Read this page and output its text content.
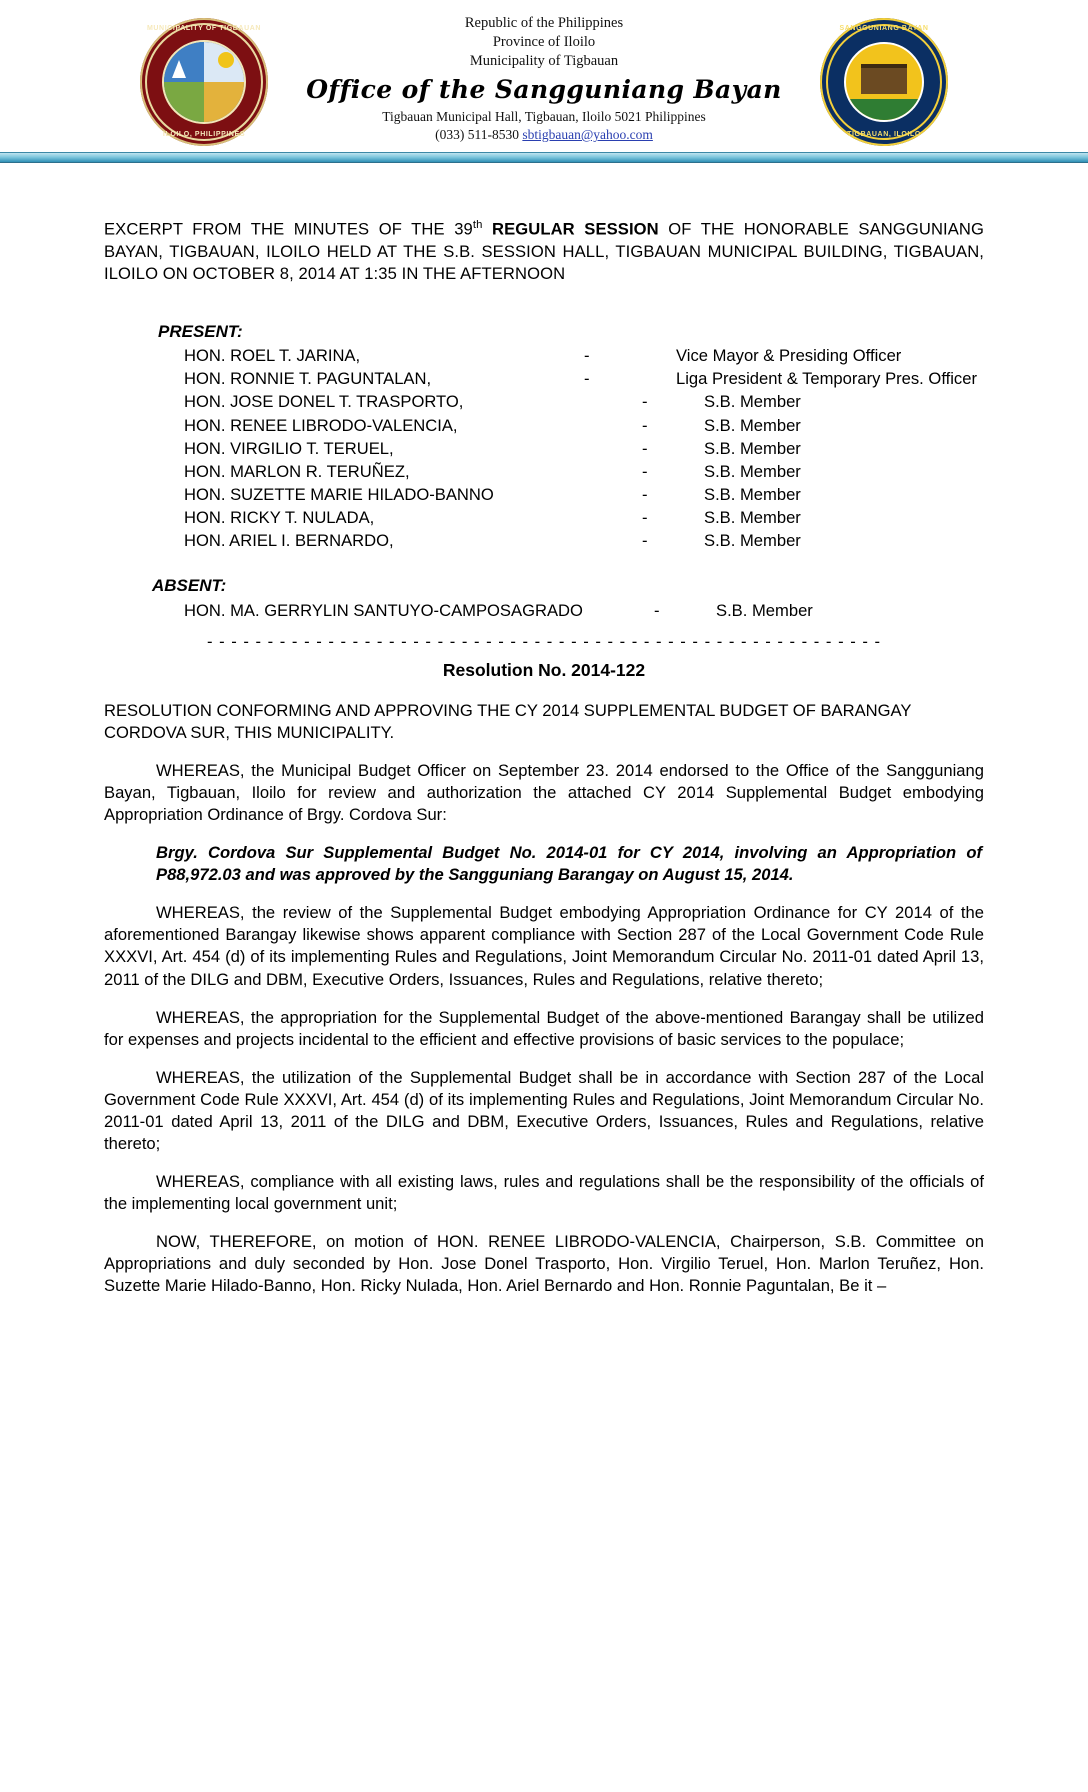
MUNICIPALITY OF TIGBAUAN
ILOILO, PHILIPPINES
SANGGUNIANG BAYAN
TIGBAUAN, ILOILO
Republic of the Philippines
Province of Iloilo
Municipality of Tigbauan
Office of the Sangguniang Bayan
Tigbauan Municipal Hall, Tigbauan, Iloilo 5021 Philippines
(033) 511-8530 sbtigbauan@yahoo.com
EXCERPT FROM THE MINUTES OF THE 39th REGULAR SESSION OF THE HONORABLE SANGGUNIANG BAYAN, TIGBAUAN, ILOILO HELD AT THE S.B. SESSION HALL, TIGBAUAN MUNICIPAL BUILDING, TIGBAUAN, ILOILO ON OCTOBER 8, 2014 AT 1:35 IN THE AFTERNOON
PRESENT:
HON. ROEL T. JARINA,	-	Vice Mayor & Presiding Officer
HON. RONNIE T. PAGUNTALAN,	-	Liga President & Temporary Pres. Officer
HON. JOSE DONEL T. TRASPORTO,	-	S.B. Member
HON. RENEE LIBRODO-VALENCIA,	-	S.B. Member
HON. VIRGILIO T. TERUEL,	-	S.B. Member
HON. MARLON R. TERUÑEZ,	-	S.B. Member
HON. SUZETTE MARIE HILADO-BANNO	-	S.B. Member
HON. RICKY T. NULADA,	-	S.B. Member
HON. ARIEL I. BERNARDO,	-	S.B. Member
ABSENT:
HON. MA. GERRYLIN SANTUYO-CAMPOSAGRADO	-	S.B. Member
- - - - - - - - - - - - - - - - - - - - - - - - - - - - - - - - - - - - - - - - - - - - - - - - - - - - - - - -
Resolution No. 2014-122
RESOLUTION CONFORMING AND APPROVING THE CY 2014 SUPPLEMENTAL BUDGET OF BARANGAY CORDOVA SUR, THIS MUNICIPALITY.
WHEREAS, the Municipal Budget Officer on September 23. 2014 endorsed to the Office of the Sangguniang Bayan, Tigbauan, Iloilo for review and authorization the attached CY 2014 Supplemental Budget embodying Appropriation Ordinance of Brgy. Cordova Sur:
Brgy. Cordova Sur Supplemental Budget No. 2014-01 for CY 2014, involving an Appropriation of P88,972.03 and was approved by the Sangguniang Barangay on August 15, 2014.
WHEREAS, the review of the Supplemental Budget embodying Appropriation Ordinance for CY 2014 of the aforementioned Barangay likewise shows apparent compliance with Section 287 of the Local Government Code Rule XXXVI, Art. 454 (d) of its implementing Rules and Regulations, Joint Memorandum Circular No. 2011-01 dated April 13, 2011 of the DILG and DBM, Executive Orders, Issuances, Rules and Regulations, relative thereto;
WHEREAS, the appropriation for the Supplemental Budget of the above-mentioned Barangay shall be utilized for expenses and projects incidental to the efficient and effective provisions of basic services to the populace;
WHEREAS, the utilization of the Supplemental Budget shall be in accordance with Section 287 of the Local Government Code Rule XXXVI, Art. 454 (d) of its implementing Rules and Regulations, Joint Memorandum Circular No. 2011-01 dated April 13, 2011 of the DILG and DBM, Executive Orders, Issuances, Rules and Regulations, relative thereto;
WHEREAS, compliance with all existing laws, rules and regulations shall be the responsibility of the officials of the implementing local government unit;
NOW, THEREFORE, on motion of HON. RENEE LIBRODO-VALENCIA, Chairperson, S.B. Committee on Appropriations and duly seconded by Hon. Jose Donel Trasporto, Hon. Virgilio Teruel, Hon. Marlon Teruñez, Hon. Suzette Marie Hilado-Banno, Hon. Ricky Nulada, Hon. Ariel Bernardo and Hon. Ronnie Paguntalan, Be it –
